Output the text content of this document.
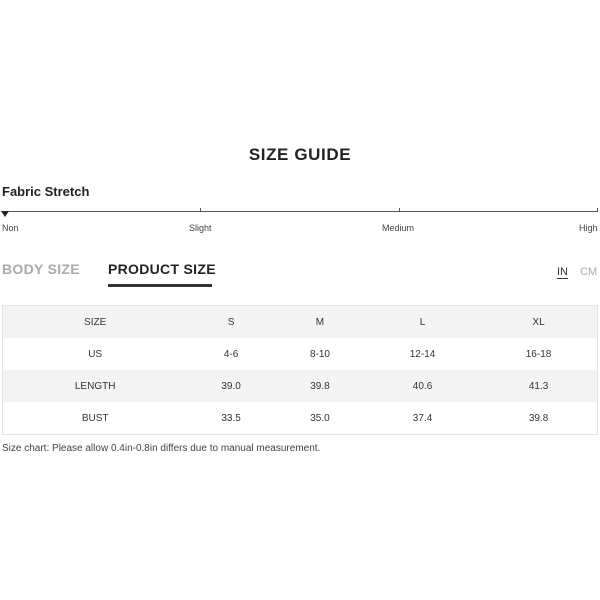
SIZE GUIDE
Fabric Stretch
Non	Slight	Medium	High
BODY SIZE PRODUCT SIZE	IN CM
SIZE	S	M	L	XL
US	4-6	8-10	12-14	16-18
LENGTH	39.0	39.8	40.6	41.3
BUST	33.5	35.0	37.4	39.8
Size chart: Please allow 0.4in-0.8in differs due to manual measurement.
